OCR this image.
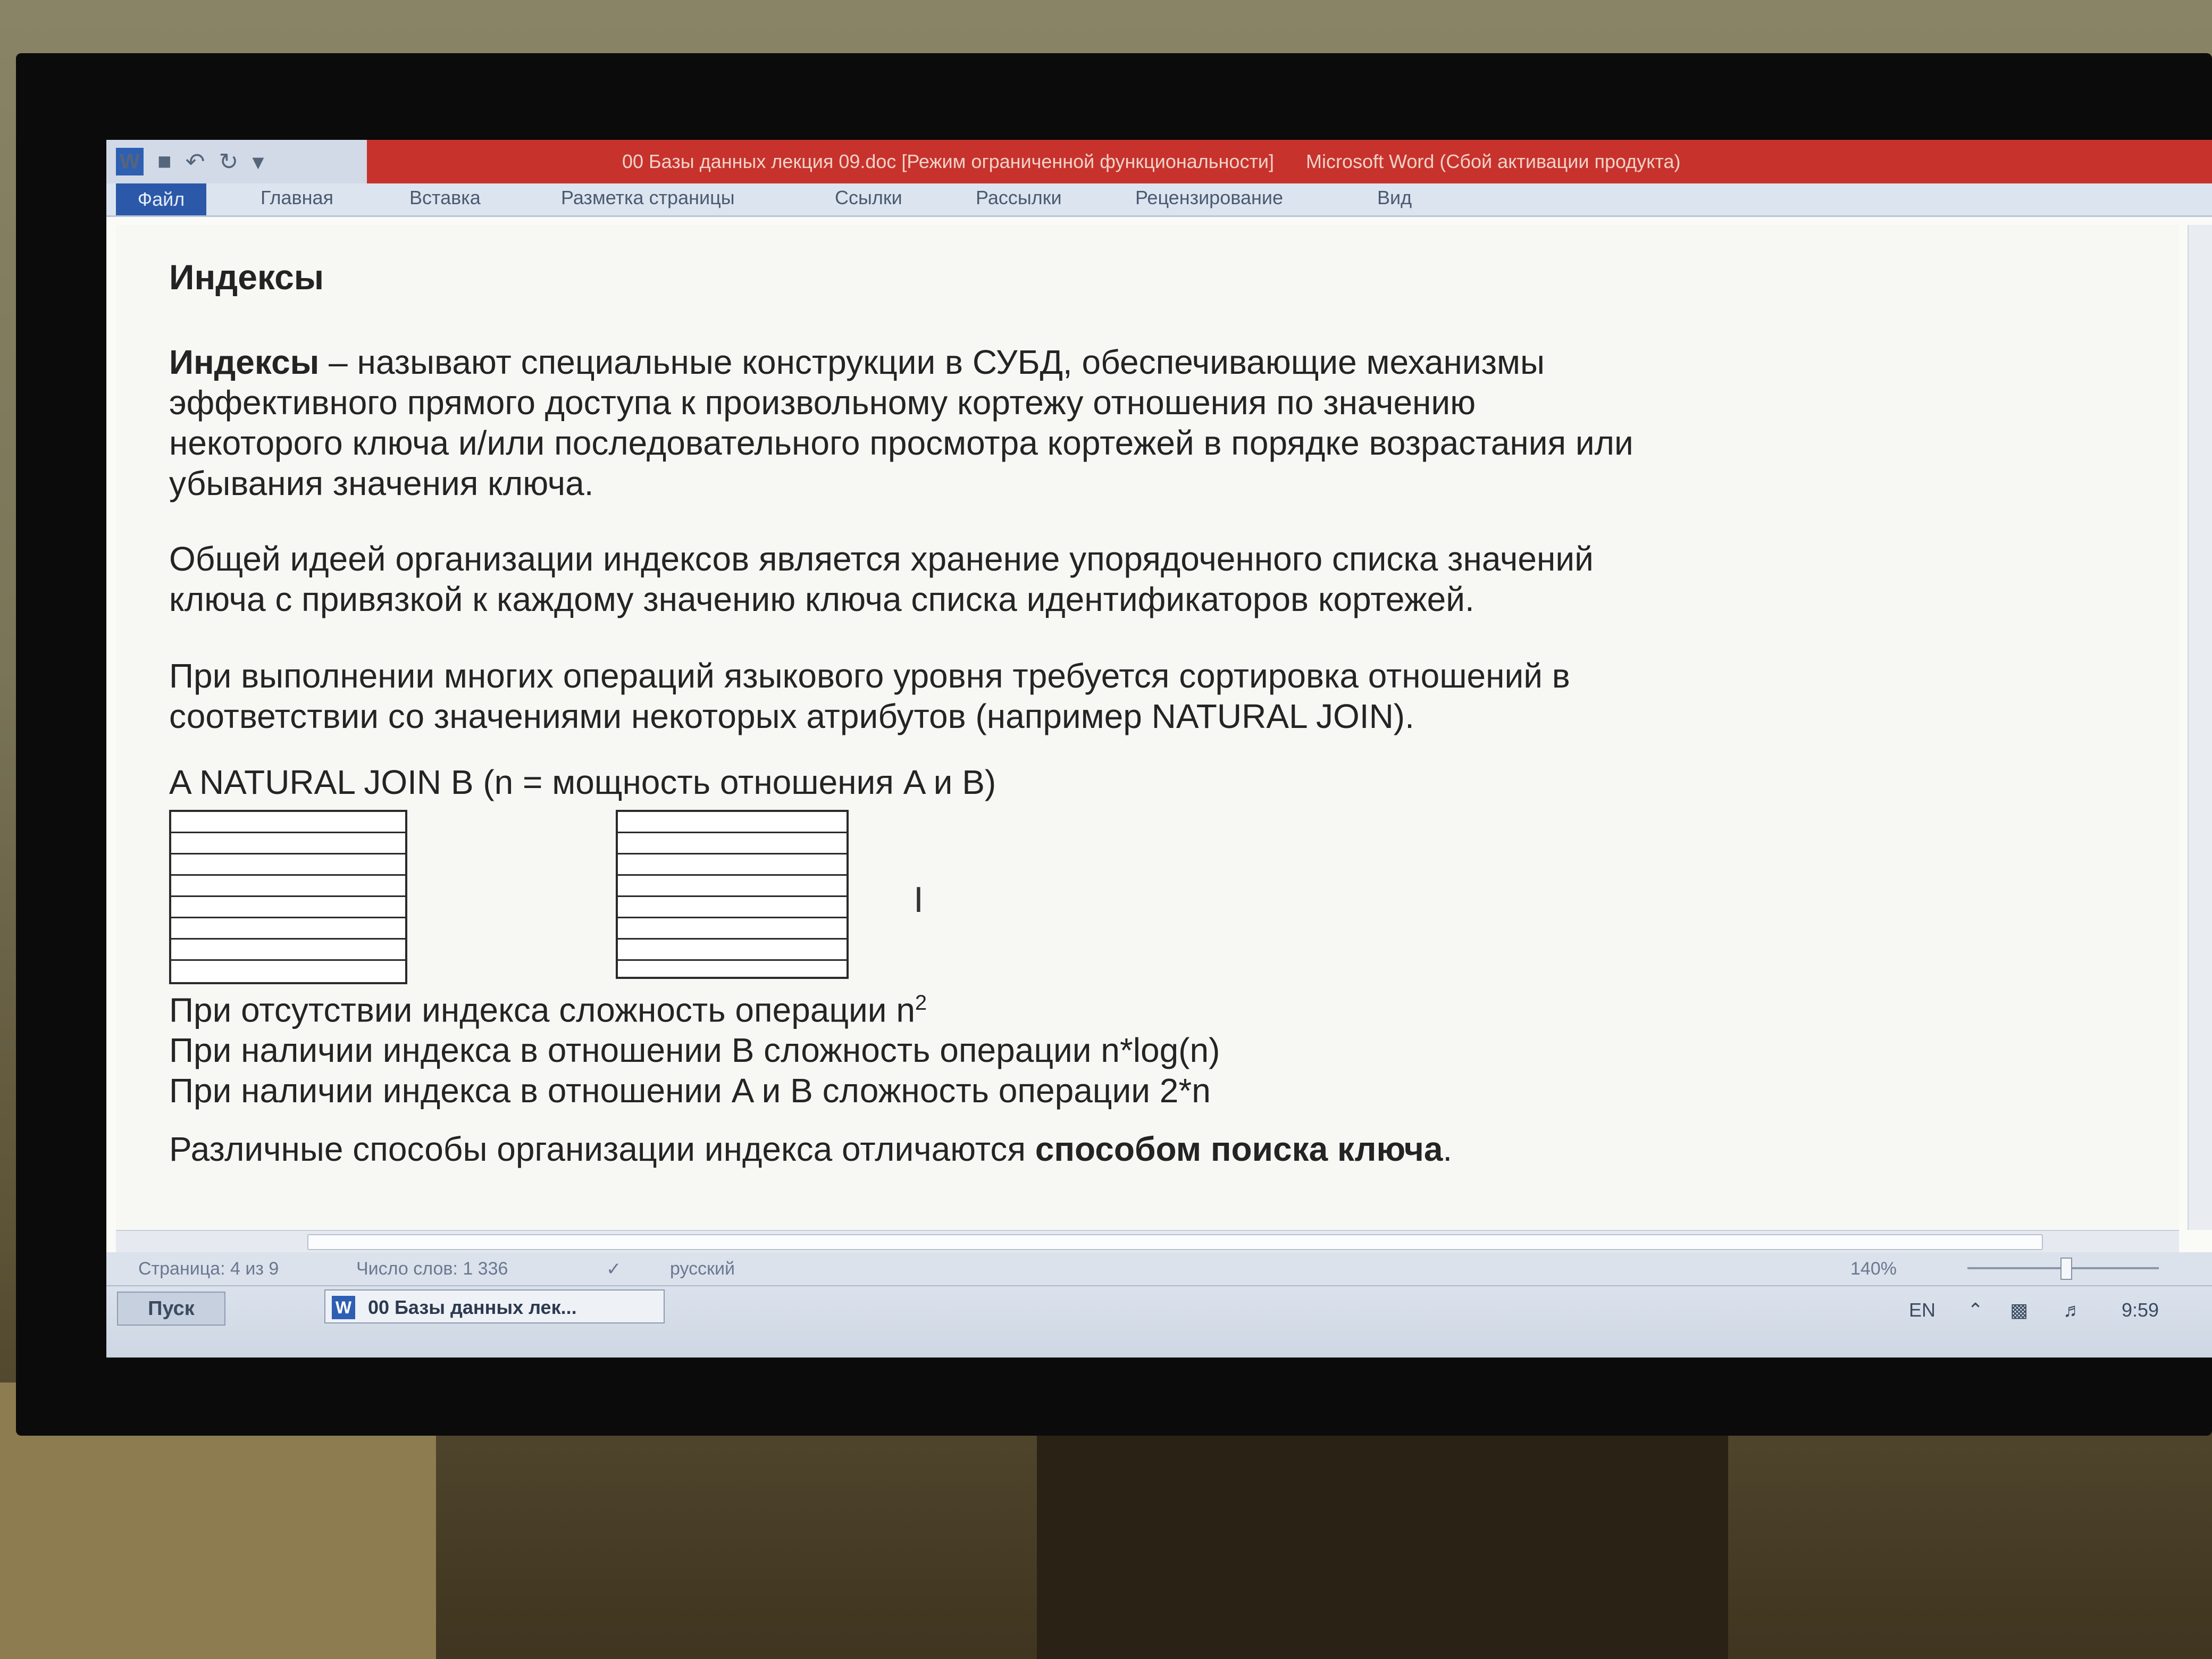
W ■ ↶ ↻ ▾	00 Базы данных лекция 09.doc [Режим ограниченной функциональности] Microsoft Word (Сбой активации продукта)
Файл	Главная	Вставка	Разметка страницы	Ссылки	Рассылки	Рецензирование	Вид
Индексы
Индексы – называют специальные конструкции в СУБД, обеспечивающие механизмы
эффективного прямого доступа к произвольному кортежу отношения по значению
некоторого ключа и/или последовательного просмотра кортежей в порядке возрастания или
убывания значения ключа.
Общей идеей организации индексов является хранение упорядоченного списка значений
ключа с привязкой к каждому значению ключа списка идентификаторов кортежей.
При выполнении многих операций языкового уровня требуется сортировка отношений в
соответствии со значениями некоторых атрибутов (например NATURAL JOIN).
A NATURAL JOIN B (n = мощность отношения A и B)
I
При отсутствии индекса сложность операции $n^2$
При наличии индекса в отношении B сложность операции n*log(n)
При наличии индекса в отношении A и B сложность операции 2*n
Различные способы организации индекса отличаются способом поиска ключа.
Страница: 4 из 9	Число слов: 1 336	✓	русский	140%
Пуск	W 00 Базы данных лек...	EN ⌃ ▩ ♬ 9:59
